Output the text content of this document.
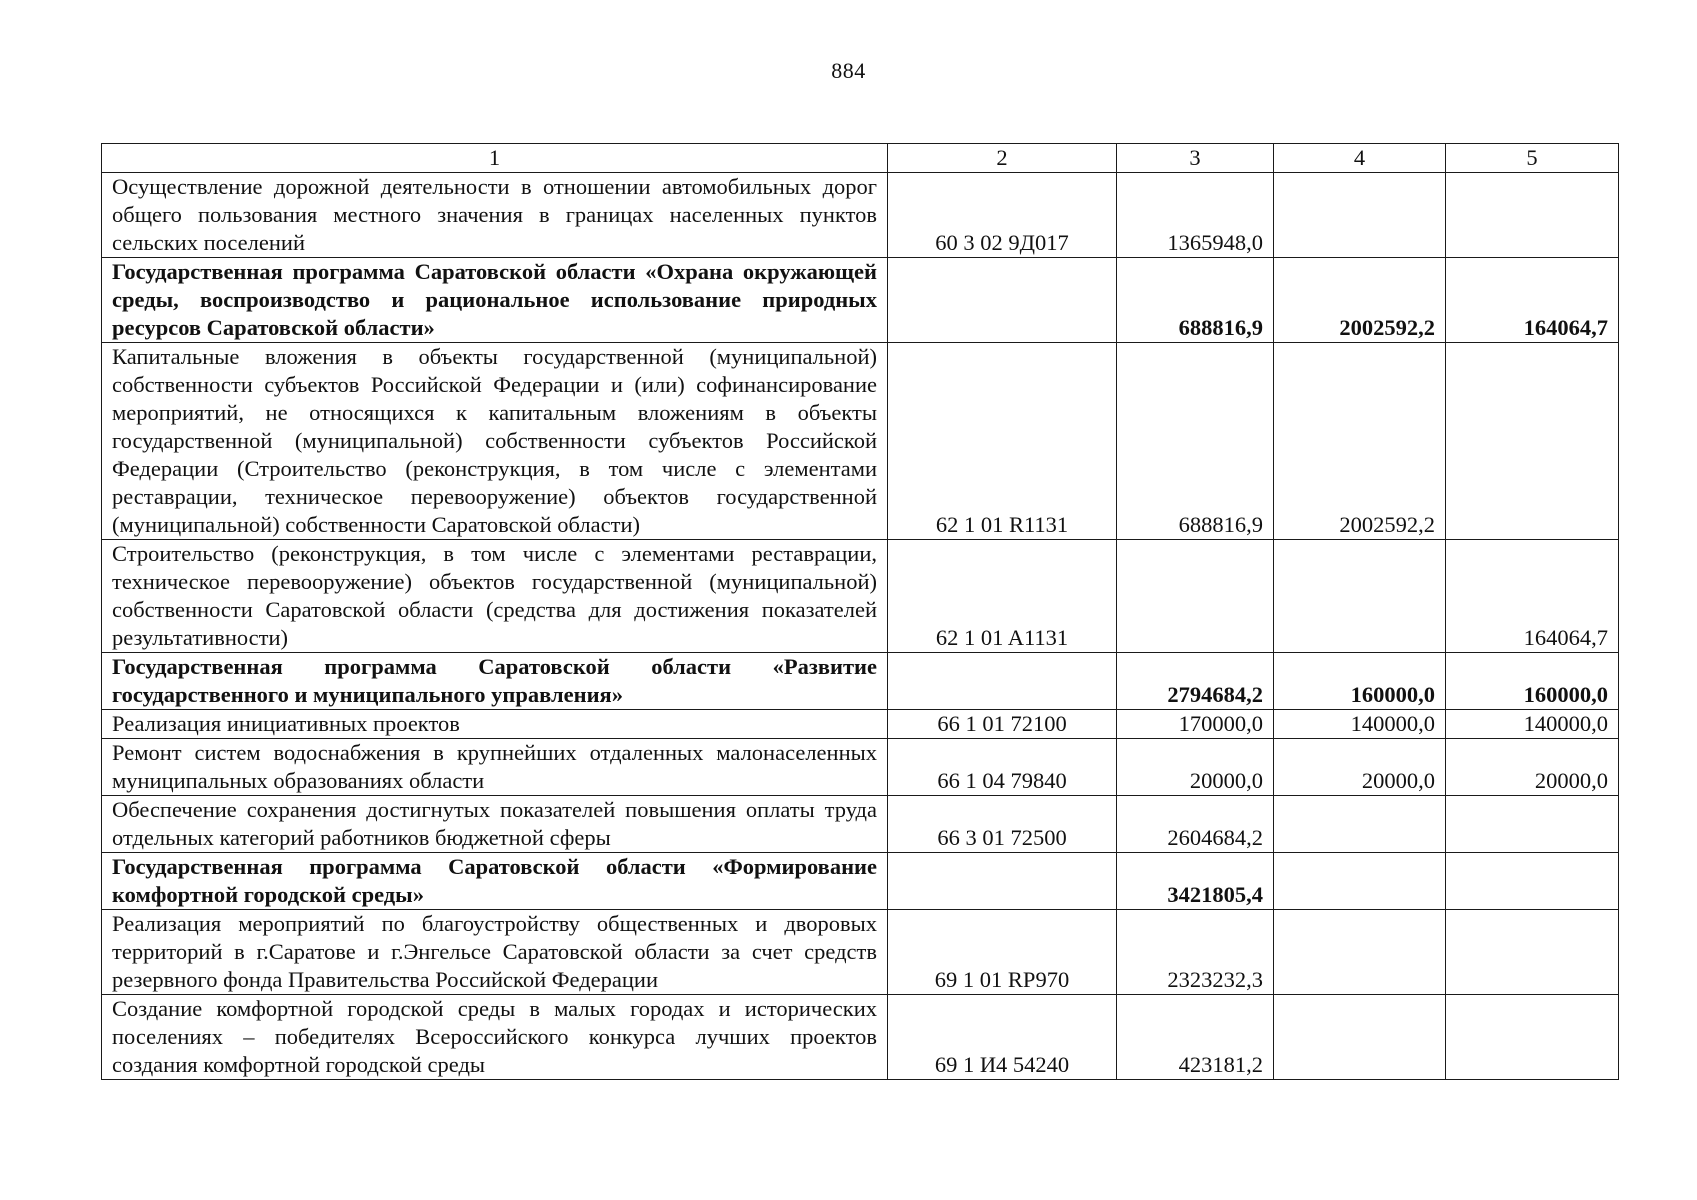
884
1	2	3	4	5
Осуществление дорожной деятельности в отношении автомобильных дорог общего пользования местного значения в границах населенных пунктов сельских поселений	60 3 02 9Д017	1365948,0		
Государственная программа Саратовской области «Охрана окружающей среды, воспроизводство и рациональное использование природных ресурсов Саратовской области»		688816,9	2002592,2	164064,7
Капитальные вложения в объекты государственной (муниципальной) собственности субъектов Российской Федерации и (или) софинансирование мероприятий, не относящихся к капитальным вложениям в объекты государственной (муниципальной) собственности субъектов Российской Федерации (Строительство (реконструкция, в том числе с элементами реставрации, техническое перевооружение) объектов государственной (муниципальной) собственности Саратовской области)	62 1 01 R1131	688816,9	2002592,2	
Строительство (реконструкция, в том числе с элементами реставрации, техническое перевооружение) объектов государственной (муниципальной) собственности Саратовской области (средства для достижения показателей результативности)	62 1 01 A1131			164064,7
Государственная программа Саратовской области «Развитие государственного и муниципального управления»		2794684,2	160000,0	160000,0
Реализация инициативных проектов	66 1 01 72100	170000,0	140000,0	140000,0
Ремонт систем водоснабжения в крупнейших отдаленных малонаселенных муниципальных образованиях области	66 1 04 79840	20000,0	20000,0	20000,0
Обеспечение сохранения достигнутых показателей повышения оплаты труда отдельных категорий работников бюджетной сферы	66 3 01 72500	2604684,2		
Государственная программа Саратовской области «Формирование комфортной городской среды»		3421805,4		
Реализация мероприятий по благоустройству общественных и дворовых территорий в г.Саратове и г.Энгельсе Саратовской области за счет средств резервного фонда Правительства Российской Федерации	69 1 01 RP970	2323232,3		
Создание комфортной городской среды в малых городах и исторических поселениях – победителях Всероссийского конкурса лучших проектов создания комфортной городской среды	69 1 И4 54240	423181,2		
